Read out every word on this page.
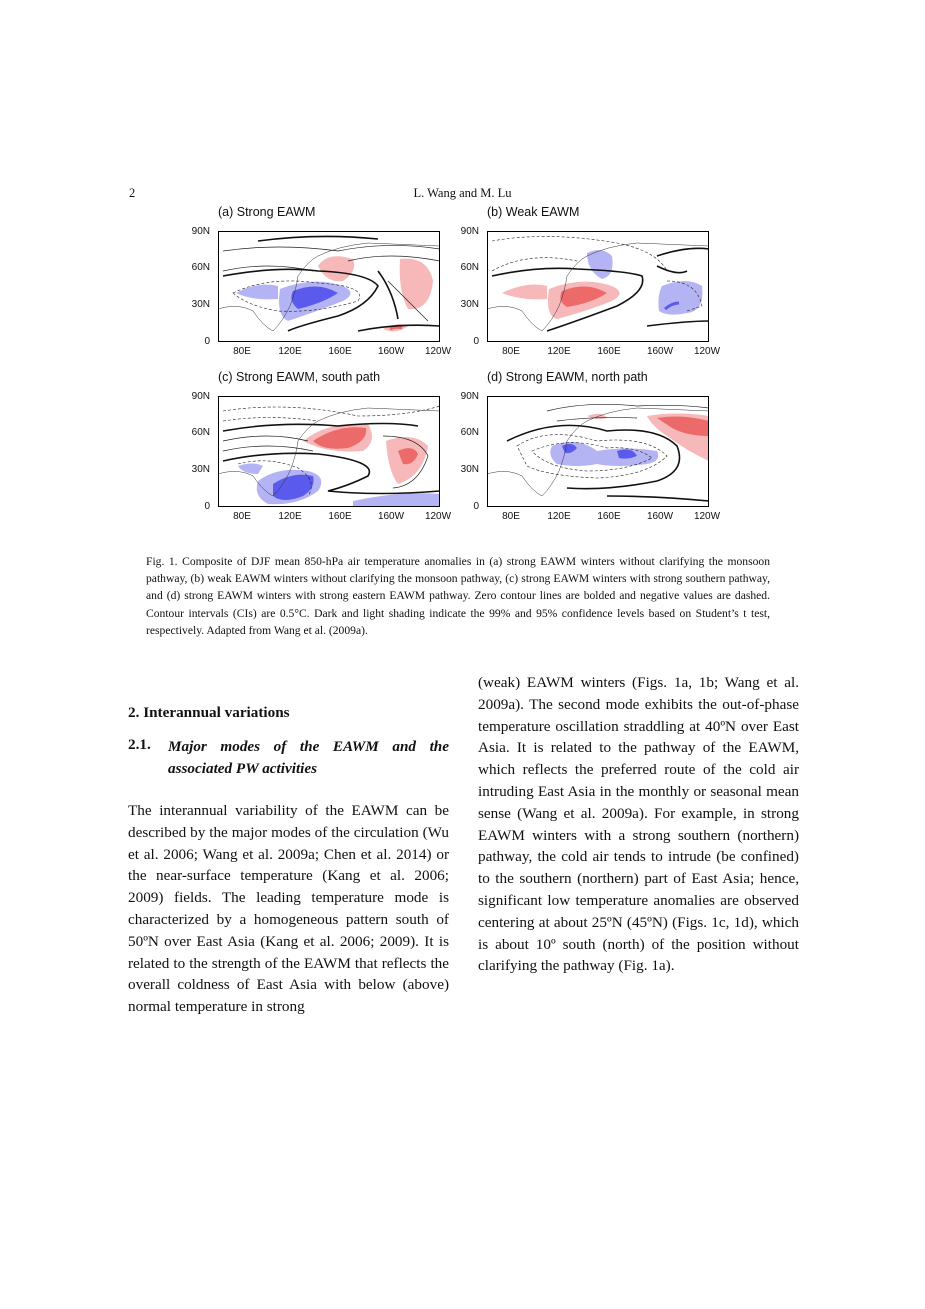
2	L. Wang and M. Lu
(a) Strong EAWM
90N
60N
30N
0
80E	120E	160E	160W	120W
(b) Weak EAWM
90N
60N
30N
0
80E	120E	160E	160W	120W
(c) Strong EAWM, south path
90N
60N
30N
0
80E	120E	160E	160W	120W
(d) Strong EAWM, north path
90N
60N
30N
0
80E	120E	160E	160W	120W
Fig. 1. Composite of DJF mean 850-hPa air temperature anomalies in (a) strong EAWM winters without clarifying the monsoon pathway, (b) weak EAWM winters without clarifying the monsoon pathway, (c) strong EAWM winters with strong southern pathway, and (d) strong EAWM winters with strong eastern EAWM pathway. Zero contour lines are bolded and negative values are dashed. Contour intervals (CIs) are 0.5°C. Dark and light shading indicate the 99% and 95% confidence levels based on Student’s t test, respectively. Adapted from Wang et al. (2009a).
2. Interannual variations
2.1. Major modes of the EAWM and the
associated PW activities

The interannual variability of the EAWM can be described by the major modes of the circulation (Wu et al. 2006; Wang et al. 2009a; Chen et al. 2014) or the near-surface temperature (Kang et al. 2006; 2009) fields. The leading temperature mode is characterized by a homogeneous pattern south of 50ºN over East Asia (Kang et al. 2006; 2009). It is related to the strength of the EAWM that reflects the overall coldness of East Asia with below (above) normal temperature in strong

(weak) EAWM winters (Figs. 1a, 1b; Wang et al. 2009a). The second mode exhibits the out-of-phase temperature oscillation straddling at 40ºN over East Asia. It is related to the pathway of the EAWM, which reflects the preferred route of the cold air intruding East Asia in the monthly or seasonal mean sense (Wang et al. 2009a). For example, in strong EAWM winters with a strong southern (northern) pathway, the cold air tends to intrude (be confined) to the southern (northern) part of East Asia; hence, significant low temperature anomalies are observed centering at about 25ºN (45ºN) (Figs. 1c, 1d), which is about 10º south (north) of the position without clarifying the pathway (Fig. 1a).
